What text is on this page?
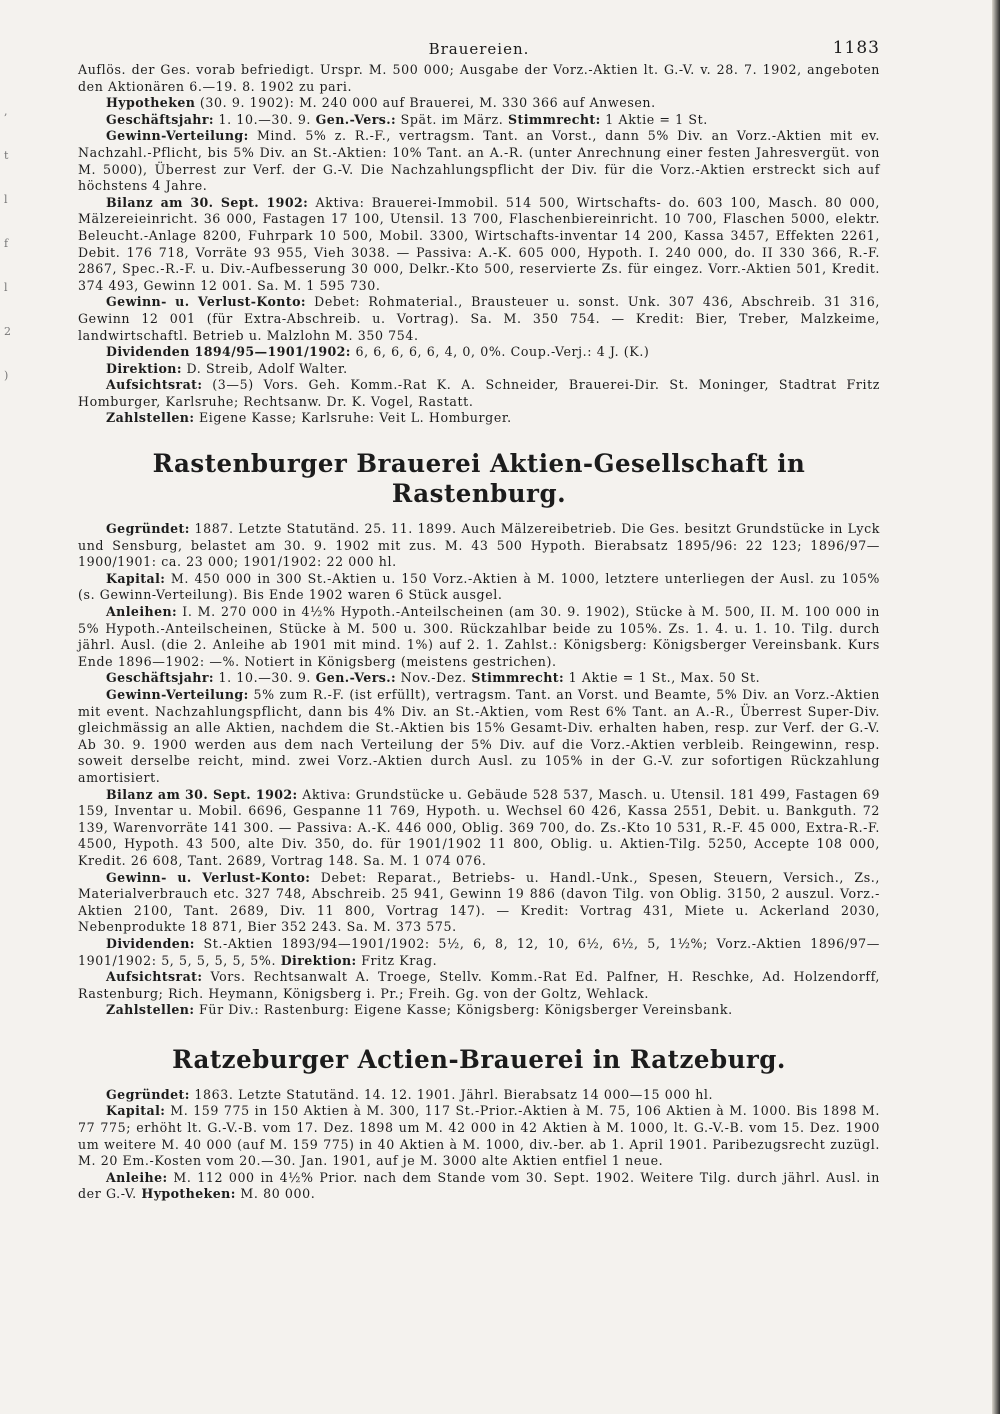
,
t
l
f
l
2
)
Brauereien.	1183

Auflös. der Ges. vorab befriedigt. Urspr. M. 500 000; Ausgabe der Vorz.-Aktien lt. G.-V. v. 28. 7. 1902, angeboten den Aktionären 6.—19. 8. 1902 zu pari.

Hypotheken (30. 9. 1902): M. 240 000 auf Brauerei, M. 330 366 auf Anwesen.

Geschäftsjahr: 1. 10.—30. 9. Gen.-Vers.: Spät. im März. Stimmrecht: 1 Aktie = 1 St.

Gewinn-Verteilung: Mind. 5% z. R.-F., vertragsm. Tant. an Vorst., dann 5% Div. an Vorz.-Aktien mit ev. Nachzahl.-Pflicht, bis 5% Div. an St.-Aktien: 10% Tant. an A.-R. (unter Anrechnung einer festen Jahresvergüt. von M. 5000), Überrest zur Verf. der G.-V. Die Nachzahlungspflicht der Div. für die Vorz.-Aktien erstreckt sich auf höchstens 4 Jahre.

Bilanz am 30. Sept. 1902: Aktiva: Brauerei-Immobil. 514 500, Wirtschafts- do. 603 100, Masch. 80 000, Mälzereieinricht. 36 000, Fastagen 17 100, Utensil. 13 700, Flaschenbiereinricht. 10 700, Flaschen 5000, elektr. Beleucht.-Anlage 8200, Fuhrpark 10 500, Mobil. 3300, Wirtschafts-inventar 14 200, Kassa 3457, Effekten 2261, Debit. 176 718, Vorräte 93 955, Vieh 3038. — Passiva: A.-K. 605 000, Hypoth. I. 240 000, do. II 330 366, R.-F. 2867, Spec.-R.-F. u. Div.-Aufbesserung 30 000, Delkr.-Kto 500, reservierte Zs. für eingez. Vorr.-Aktien 501, Kredit. 374 493, Gewinn 12 001. Sa. M. 1 595 730.

Gewinn- u. Verlust-Konto: Debet: Rohmaterial., Brausteuer u. sonst. Unk. 307 436, Abschreib. 31 316, Gewinn 12 001 (für Extra-Abschreib. u. Vortrag). Sa. M. 350 754. — Kredit: Bier, Treber, Malzkeime, landwirtschaftl. Betrieb u. Malzlohn M. 350 754.

Dividenden 1894/95—1901/1902: 6, 6, 6, 6, 6, 4, 0, 0%. Coup.-Verj.: 4 J. (K.)

Direktion: D. Streib, Adolf Walter.

Aufsichtsrat: (3—5) Vors. Geh. Komm.-Rat K. A. Schneider, Brauerei-Dir. St. Moninger, Stadtrat Fritz Homburger, Karlsruhe; Rechtsanw. Dr. K. Vogel, Rastatt.

Zahlstellen: Eigene Kasse; Karlsruhe: Veit L. Homburger.

Rastenburger Brauerei Aktien-Gesellschaft in Rastenburg.

Gegründet: 1887. Letzte Statutänd. 25. 11. 1899. Auch Mälzereibetrieb. Die Ges. besitzt Grundstücke in Lyck und Sensburg, belastet am 30. 9. 1902 mit zus. M. 43 500 Hypoth. Bierabsatz 1895/96: 22 123; 1896/97—1900/1901: ca. 23 000; 1901/1902: 22 000 hl.

Kapital: M. 450 000 in 300 St.-Aktien u. 150 Vorz.-Aktien à M. 1000, letztere unterliegen der Ausl. zu 105% (s. Gewinn-Verteilung). Bis Ende 1902 waren 6 Stück ausgel.

Anleihen: I. M. 270 000 in 4½% Hypoth.-Anteilscheinen (am 30. 9. 1902), Stücke à M. 500, II. M. 100 000 in 5% Hypoth.-Anteilscheinen, Stücke à M. 500 u. 300. Rückzahlbar beide zu 105%. Zs. 1. 4. u. 1. 10. Tilg. durch jährl. Ausl. (die 2. Anleihe ab 1901 mit mind. 1%) auf 2. 1. Zahlst.: Königsberg: Königsberger Vereinsbank. Kurs Ende 1896—1902: —%. Notiert in Königsberg (meistens gestrichen).

Geschäftsjahr: 1. 10.—30. 9. Gen.-Vers.: Nov.-Dez. Stimmrecht: 1 Aktie = 1 St., Max. 50 St.

Gewinn-Verteilung: 5% zum R.-F. (ist erfüllt), vertragsm. Tant. an Vorst. und Beamte, 5% Div. an Vorz.-Aktien mit event. Nachzahlungspflicht, dann bis 4% Div. an St.-Aktien, vom Rest 6% Tant. an A.-R., Überrest Super-Div. gleichmässig an alle Aktien, nachdem die St.-Aktien bis 15% Gesamt-Div. erhalten haben, resp. zur Verf. der G.-V. Ab 30. 9. 1900 werden aus dem nach Verteilung der 5% Div. auf die Vorz.-Aktien verbleib. Reingewinn, resp. soweit derselbe reicht, mind. zwei Vorz.-Aktien durch Ausl. zu 105% in der G.-V. zur sofortigen Rückzahlung amortisiert.

Bilanz am 30. Sept. 1902: Aktiva: Grundstücke u. Gebäude 528 537, Masch. u. Utensil. 181 499, Fastagen 69 159, Inventar u. Mobil. 6696, Gespanne 11 769, Hypoth. u. Wechsel 60 426, Kassa 2551, Debit. u. Bankguth. 72 139, Warenvorräte 141 300. — Passiva: A.-K. 446 000, Oblig. 369 700, do. Zs.-Kto 10 531, R.-F. 45 000, Extra-R.-F. 4500, Hypoth. 43 500, alte Div. 350, do. für 1901/1902 11 800, Oblig. u. Aktien-Tilg. 5250, Accepte 108 000, Kredit. 26 608, Tant. 2689, Vortrag 148. Sa. M. 1 074 076.

Gewinn- u. Verlust-Konto: Debet: Reparat., Betriebs- u. Handl.-Unk., Spesen, Steuern, Versich., Zs., Materialverbrauch etc. 327 748, Abschreib. 25 941, Gewinn 19 886 (davon Tilg. von Oblig. 3150, 2 auszul. Vorz.-Aktien 2100, Tant. 2689, Div. 11 800, Vortrag 147). — Kredit: Vortrag 431, Miete u. Ackerland 2030, Nebenprodukte 18 871, Bier 352 243. Sa. M. 373 575.

Dividenden: St.-Aktien 1893/94—1901/1902: 5½, 6, 8, 12, 10, 6½, 6½, 5, 1½%; Vorz.-Aktien 1896/97—1901/1902: 5, 5, 5, 5, 5, 5%. Direktion: Fritz Krag.

Aufsichtsrat: Vors. Rechtsanwalt A. Troege, Stellv. Komm.-Rat Ed. Palfner, H. Reschke, Ad. Holzendorff, Rastenburg; Rich. Heymann, Königsberg i. Pr.; Freih. Gg. von der Goltz, Wehlack.

Zahlstellen: Für Div.: Rastenburg: Eigene Kasse; Königsberg: Königsberger Vereinsbank.

Ratzeburger Actien-Brauerei in Ratzeburg.

Gegründet: 1863. Letzte Statutänd. 14. 12. 1901. Jährl. Bierabsatz 14 000—15 000 hl.

Kapital: M. 159 775 in 150 Aktien à M. 300, 117 St.-Prior.-Aktien à M. 75, 106 Aktien à M. 1000. Bis 1898 M. 77 775; erhöht lt. G.-V.-B. vom 17. Dez. 1898 um M. 42 000 in 42 Aktien à M. 1000, lt. G.-V.-B. vom 15. Dez. 1900 um weitere M. 40 000 (auf M. 159 775) in 40 Aktien à M. 1000, div.-ber. ab 1. April 1901. Paribezugsrecht zuzügl. M. 20 Em.-Kosten vom 20.—30. Jan. 1901, auf je M. 3000 alte Aktien entfiel 1 neue.

Anleihe: M. 112 000 in 4½% Prior. nach dem Stande vom 30. Sept. 1902. Weitere Tilg. durch jährl. Ausl. in der G.-V. Hypotheken: M. 80 000.
